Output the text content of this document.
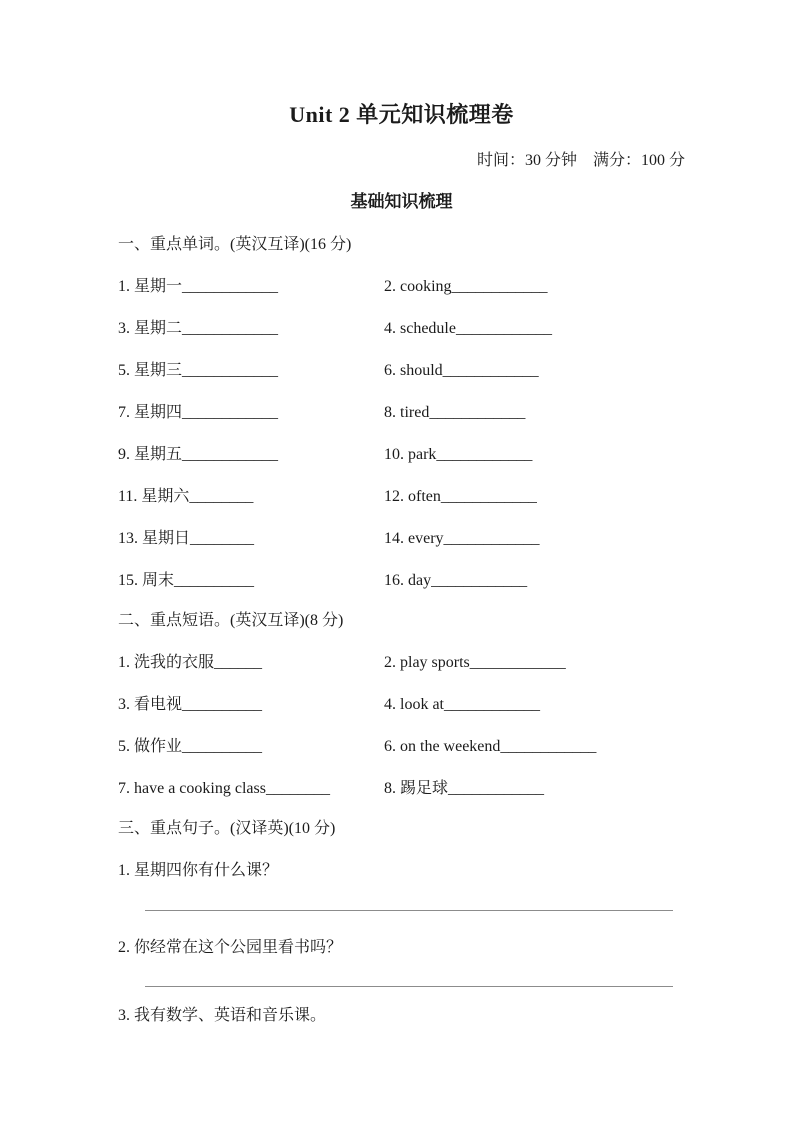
Unit 2 单元知识梳理卷
时间：30 分钟　满分：100 分
基础知识梳理
一、重点单词。(英汉互译)(16 分)
1. 星期一____________	2. cooking____________
3. 星期二____________	4. schedule____________
5. 星期三____________	6. should____________
7. 星期四____________	8. tired____________
9. 星期五____________	10. park____________
11. 星期六________	12. often____________
13. 星期日________	14. every____________
15. 周末__________	16. day____________
二、重点短语。(英汉互译)(8 分)
1. 洗我的衣服______	2. play sports____________
3. 看电视__________	4. look at____________
5. 做作业__________	6. on the weekend____________
7. have a cooking class________	8. 踢足球____________
三、重点句子。(汉译英)(10 分)
1. 星期四你有什么课？
2. 你经常在这个公园里看书吗？
3. 我有数学、英语和音乐课。
